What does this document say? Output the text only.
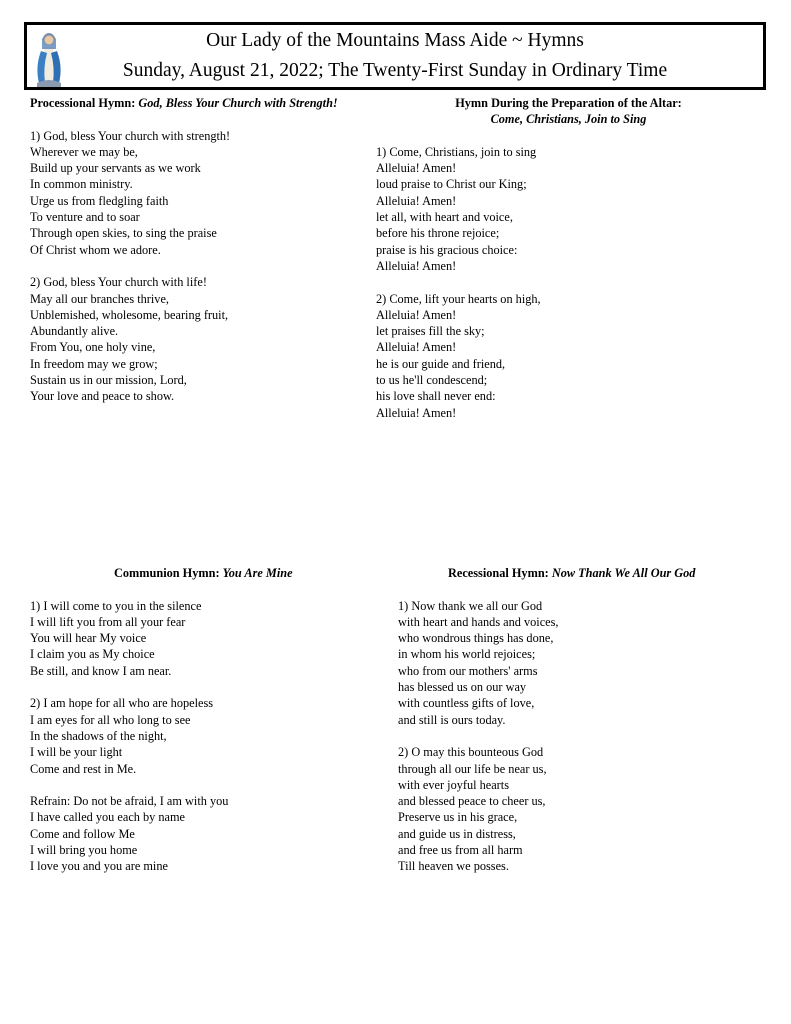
Our Lady of the Mountains Mass Aide ~ Hymns
Sunday, August 21, 2022; The Twenty-First Sunday in Ordinary Time
Processional Hymn: God, Bless Your Church with Strength!
1) God, bless Your church with strength!
Wherever we may be,
Build up your servants as we work
In common ministry.
Urge us from fledgling faith
To venture and to soar
Through open skies, to sing the praise
Of Christ whom we adore.
2) God, bless Your church with life!
May all our branches thrive,
Unblemished, wholesome, bearing fruit,
Abundantly alive.
From You, one holy vine,
In freedom may we grow;
Sustain us in our mission, Lord,
Your love and peace to show.
Hymn During the Preparation of the Altar:
Come, Christians, Join to Sing
1) Come, Christians, join to sing
Alleluia! Amen!
loud praise to Christ our King;
Alleluia! Amen!
let all, with heart and voice,
before his throne rejoice;
praise is his gracious choice:
Alleluia! Amen!
2) Come, lift your hearts on high,
Alleluia! Amen!
let praises fill the sky;
Alleluia! Amen!
he is our guide and friend,
to us he'll condescend;
his love shall never end:
Alleluia! Amen!
Communion Hymn: You Are Mine
1) I will come to you in the silence
I will lift you from all your fear
You will hear My voice
I claim you as My choice
Be still, and know I am near.
2) I am hope for all who are hopeless
I am eyes for all who long to see
In the shadows of the night,
I will be your light
Come and rest in Me.
Refrain: Do not be afraid, I am with you
I have called you each by name
Come and follow Me
I will bring you home
I love you and you are mine
Recessional Hymn: Now Thank We All Our God
1) Now thank we all our God
with heart and hands and voices,
who wondrous things has done,
in whom his world rejoices;
who from our mothers' arms
has blessed us on our way
with countless gifts of love,
and still is ours today.
2) O may this bounteous God
through all our life be near us,
with ever joyful hearts
and blessed peace to cheer us,
Preserve us in his grace,
and guide us in distress,
and free us from all harm
Till heaven we posses.
